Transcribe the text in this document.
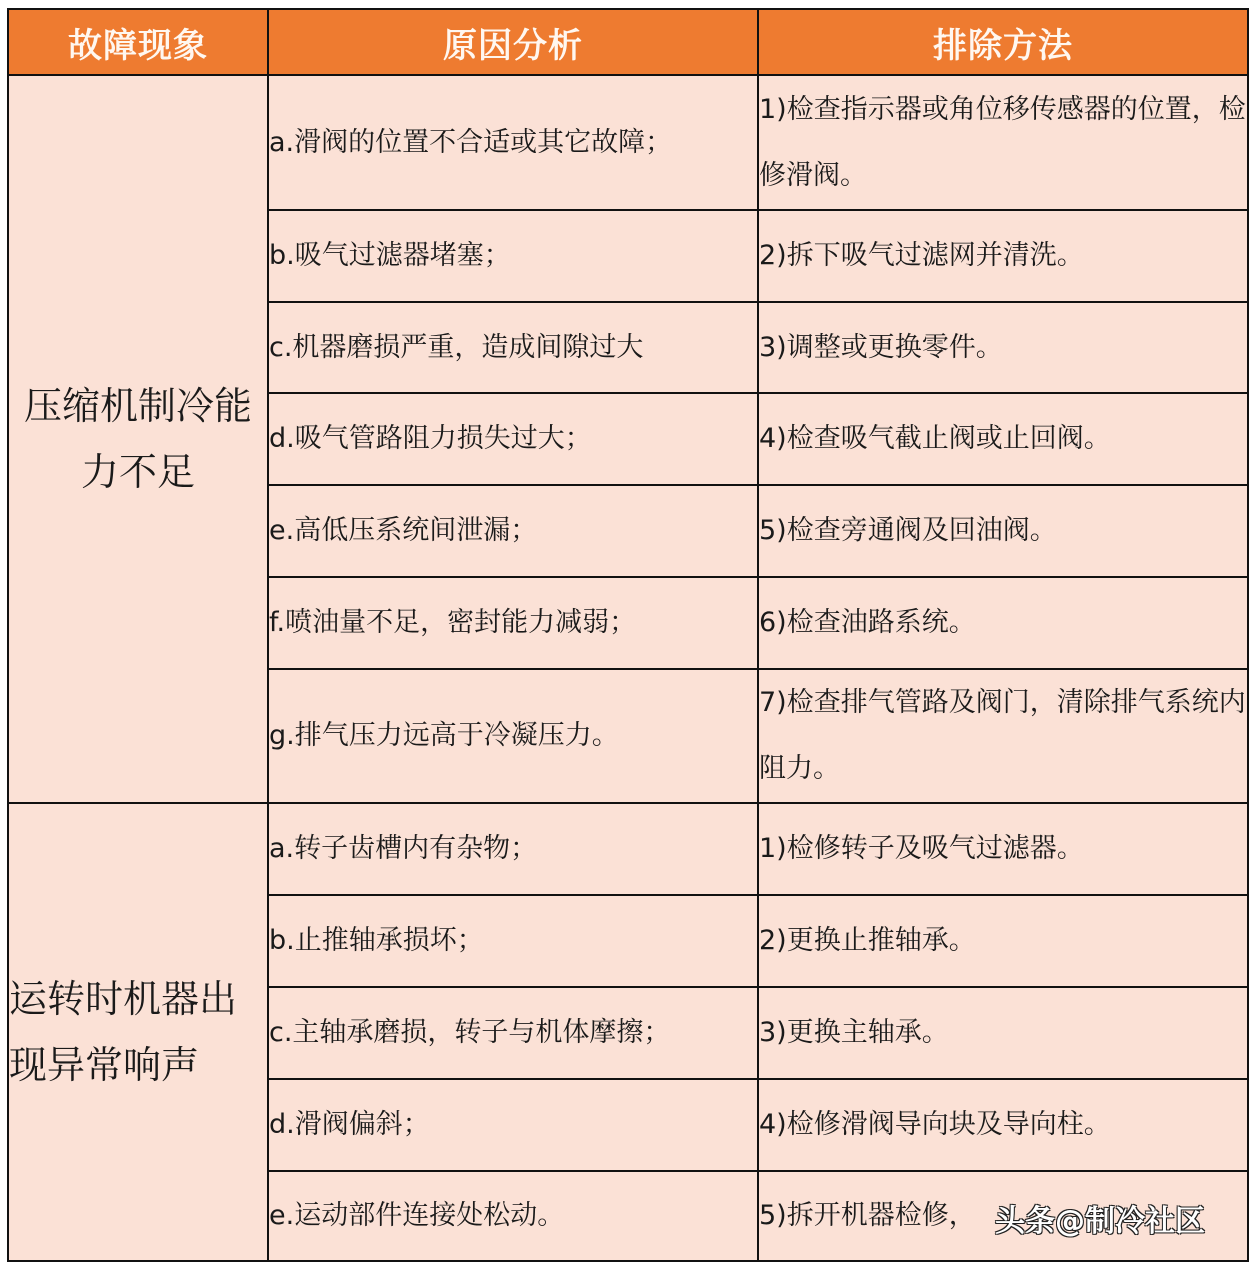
故障现象	原因分析	排除方法
压缩机制冷能力不足	a.滑阀的位置不合适或其它故障；	1)检查指示器或角位移传感器的位置，检修滑阀。
	b.吸气过滤器堵塞；	2)拆下吸气过滤网并清洗。
	c.机器磨损严重，造成间隙过大	3)调整或更换零件。
	d.吸气管路阻力损失过大；	4)检查吸气截止阀或止回阀。
	e.高低压系统间泄漏；	5)检查旁通阀及回油阀。
	f.喷油量不足，密封能力减弱；	6)检查油路系统。
	g.排气压力远高于冷凝压力。	7)检查排气管路及阀门，清除排气系统内阻力。
运转时机器出现异常响声	a.转子齿槽内有杂物；	1)检修转子及吸气过滤器。
	b.止推轴承损坏；	2)更换止推轴承。
	c.主轴承磨损，转子与机体摩擦；	3)更换主轴承。
	d.滑阀偏斜；	4)检修滑阀导向块及导向柱。
	e.运动部件连接处松动。	5)拆开机器检修， 头条@制冷社区
